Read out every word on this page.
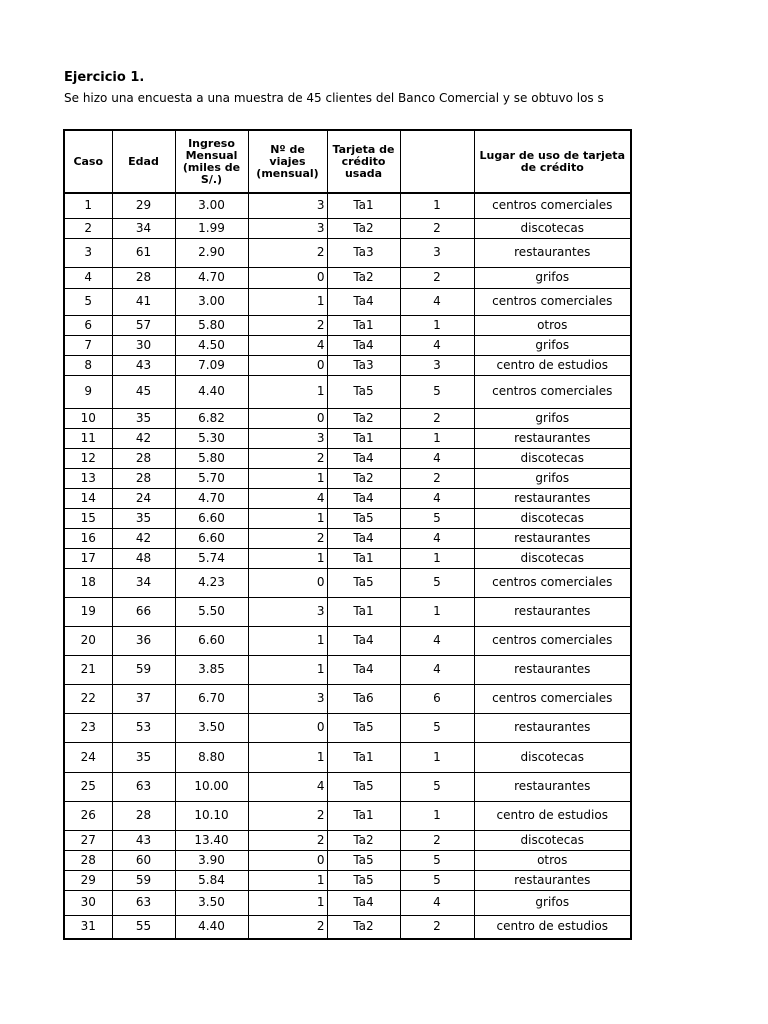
Ejercicio 1.
Se hizo una encuesta a una muestra de 45 clientes del Banco Comercial y se obtuvo los s
Caso	Edad	Ingreso Mensual (miles de S/.)	Nº de viajes (mensual)	Tarjeta de crédito usada		Lugar de uso de tarjeta de crédito
1	29	3.00	3	Ta1	1	centros comerciales
2	34	1.99	3	Ta2	2	discotecas
3	61	2.90	2	Ta3	3	restaurantes
4	28	4.70	0	Ta2	2	grifos
5	41	3.00	1	Ta4	4	centros comerciales
6	57	5.80	2	Ta1	1	otros
7	30	4.50	4	Ta4	4	grifos
8	43	7.09	0	Ta3	3	centro de estudios
9	45	4.40	1	Ta5	5	centros comerciales
10	35	6.82	0	Ta2	2	grifos
11	42	5.30	3	Ta1	1	restaurantes
12	28	5.80	2	Ta4	4	discotecas
13	28	5.70	1	Ta2	2	grifos
14	24	4.70	4	Ta4	4	restaurantes
15	35	6.60	1	Ta5	5	discotecas
16	42	6.60	2	Ta4	4	restaurantes
17	48	5.74	1	Ta1	1	discotecas
18	34	4.23	0	Ta5	5	centros comerciales
19	66	5.50	3	Ta1	1	restaurantes
20	36	6.60	1	Ta4	4	centros comerciales
21	59	3.85	1	Ta4	4	restaurantes
22	37	6.70	3	Ta6	6	centros comerciales
23	53	3.50	0	Ta5	5	restaurantes
24	35	8.80	1	Ta1	1	discotecas
25	63	10.00	4	Ta5	5	restaurantes
26	28	10.10	2	Ta1	1	centro de estudios
27	43	13.40	2	Ta2	2	discotecas
28	60	3.90	0	Ta5	5	otros
29	59	5.84	1	Ta5	5	restaurantes
30	63	3.50	1	Ta4	4	grifos
31	55	4.40	2	Ta2	2	centro de estudios
